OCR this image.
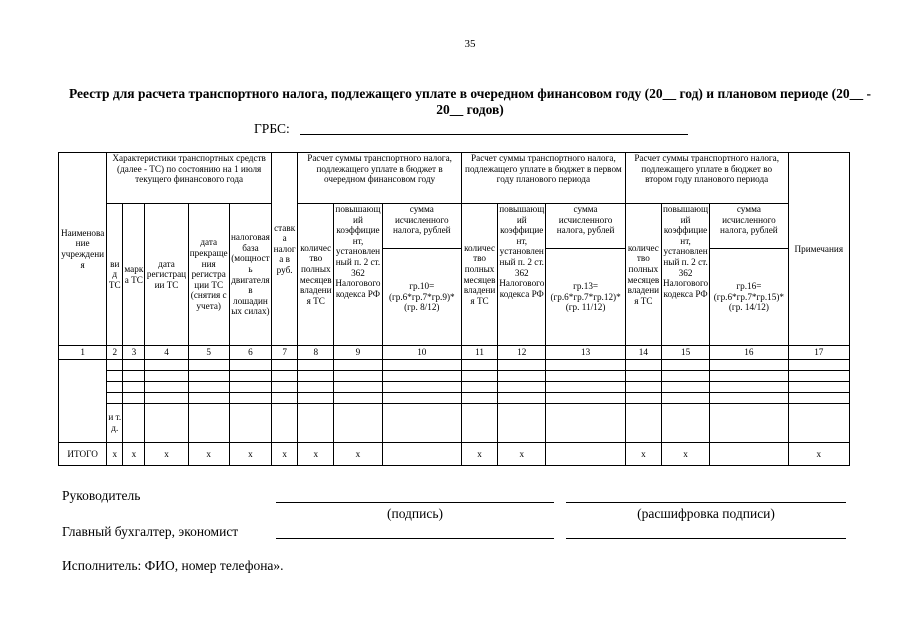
35
Реестр для расчета транспортного налога, подлежащего уплате в очередном финансовом году (20__ год) и плановом периоде (20__ - 20__ годов)
ГРБС:
Наименование учреждения	Характеристики транспортных средств (далее - ТС) по состоянию на 1 июля текущего финансового года					ставка налога в руб.	Расчет суммы транспортного налога, подлежащего уплате в бюджет в очередном финансовом году			Расчет суммы транспортного налога, подлежащего уплате в бюджет в первом году планового периода			Расчет суммы транспортного налога, подлежащего уплате в бюджет во втором году планового периода			Примечания
	вид ТС	марка ТС	дата регистрации ТС	дата прекращения регистрации ТС (снятия с учета)	налоговая база (мощность двигателя в лошадиных силах)		количество полных месяцев владения ТС	повышающий коэффициент, установленный п. 2 ст. 362 Налогового кодекса РФ	сумма исчисленного налога, рублей	количество полных месяцев владения ТС	повышающий коэффициент, установленный п. 2 ст. 362 Налогового кодекса РФ	сумма исчисленного налога, рублей	количество полных месяцев владения ТС	повышающий коэффициент, установленный п. 2 ст. 362 Налогового кодекса РФ	сумма исчисленного налога, рублей	
									гр.10=(гр.6*гр.7*гр.9)*(гр. 8/12)			гр.13=(гр.6*гр.7*гр.12)*(гр. 11/12)			гр.16=(гр.6*гр.7*гр.15)*(гр. 14/12)	
1	2	3	4	5	6	7	8	9	10	11	12	13	14	15	16	17

	и т. д.															
ИТОГО	x	x	x	x	x	x	x	x		x	x		x	x		x
Руководитель
(подпись)	(расшифровка подписи)
Главный бухгалтер, экономист
Исполнитель: ФИО, номер телефона».
